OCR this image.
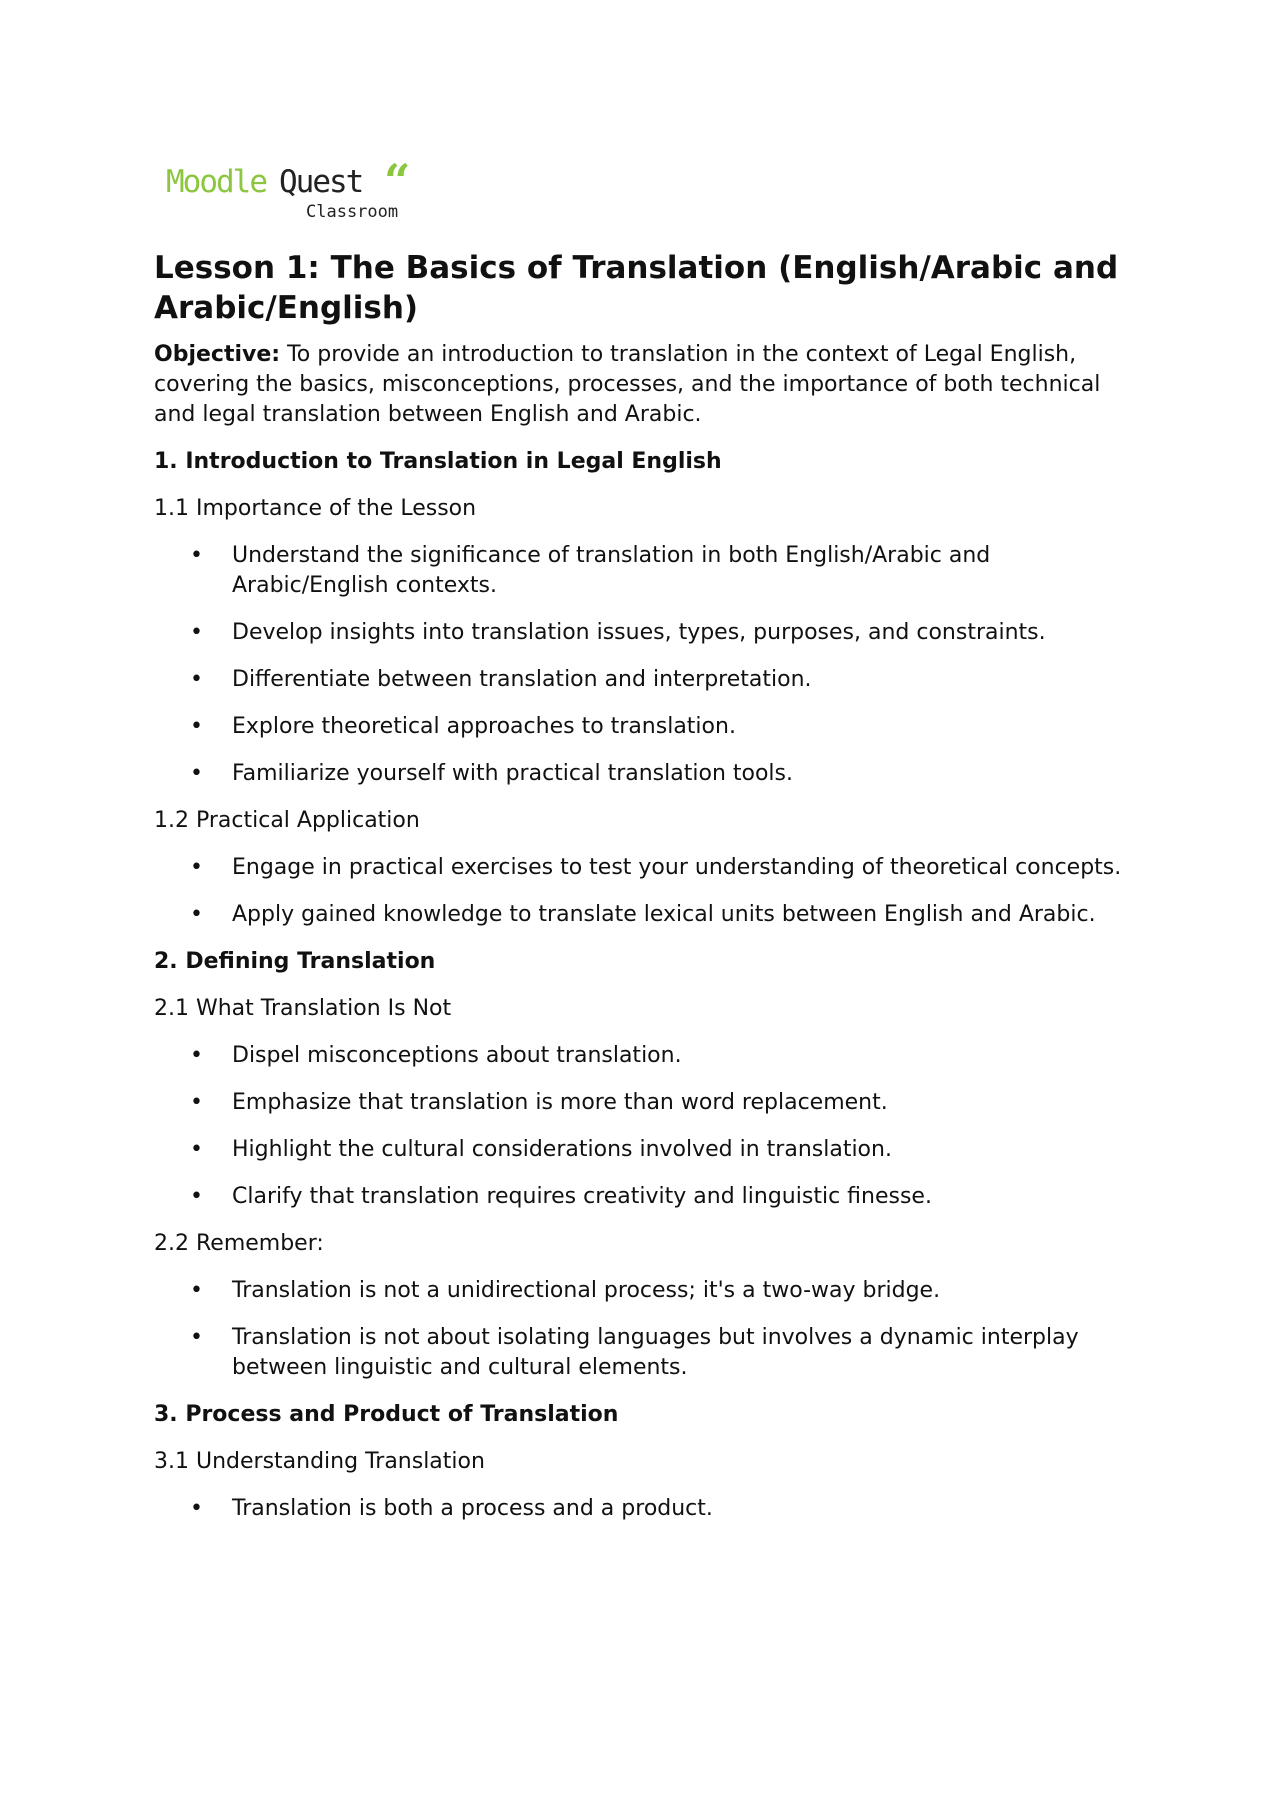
Moodle Quest “
Classroom
Lesson 1: The Basics of Translation (English/Arabic and Arabic/English)

Objective: To provide an introduction to translation in the context of Legal English, covering the basics, misconceptions, processes, and the importance of both technical and legal translation between English and Arabic.

1. Introduction to Translation in Legal English
1.1 Importance of the Lesson
• Understand the significance of translation in both English/Arabic and Arabic/English contexts.
• Develop insights into translation issues, types, purposes, and constraints.
• Differentiate between translation and interpretation.
• Explore theoretical approaches to translation.
• Familiarize yourself with practical translation tools.
1.2 Practical Application
• Engage in practical exercises to test your understanding of theoretical concepts.
• Apply gained knowledge to translate lexical units between English and Arabic.
2. Defining Translation
2.1 What Translation Is Not
• Dispel misconceptions about translation.
• Emphasize that translation is more than word replacement.
• Highlight the cultural considerations involved in translation.
• Clarify that translation requires creativity and linguistic finesse.
2.2 Remember:
• Translation is not a unidirectional process; it's a two-way bridge.
• Translation is not about isolating languages but involves a dynamic interplay between linguistic and cultural elements.
3. Process and Product of Translation
3.1 Understanding Translation
• Translation is both a process and a product.
